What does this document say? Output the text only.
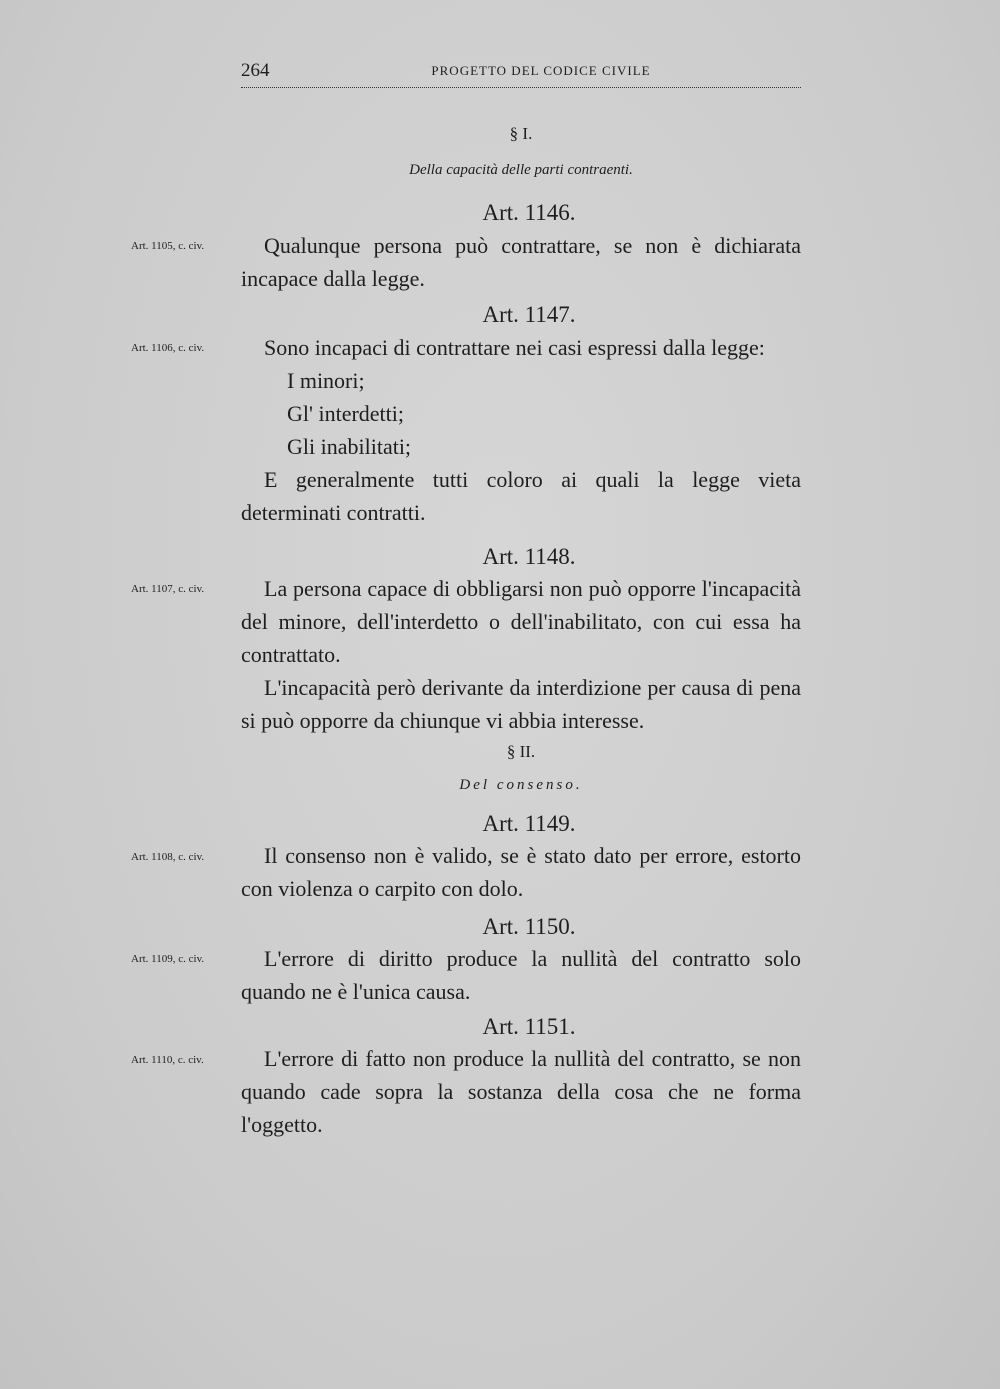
264	PROGETTO DEL CODICE CIVILE
§ I.
Della capacità delle parti contraenti.
Art. 1146.
Art. 1105, c. civ.	Qualunque persona può contrattare, se non è dichiarata incapace dalla legge.

Art. 1147.
Art. 1106, c. civ.	Sono incapaci di contrattare nei casi espressi dalla legge:

I minori;

Gl' interdetti;

Gli inabilitati;

E generalmente tutti coloro ai quali la legge vieta determinati contratti.

Art. 1148.
Art. 1107, c. civ.	La persona capace di obbligarsi non può opporre l'incapacità del minore, dell'interdetto o dell'inabilitato, con cui essa ha contrattato.

L'incapacità però derivante da interdizione per causa di pena si può opporre da chiunque vi abbia interesse.

§ II.
Del consenso.
Art. 1149.
Art. 1108, c. civ.	Il consenso non è valido, se è stato dato per errore, estorto con violenza o carpito con dolo.

Art. 1150.
Art. 1109, c. civ.	L'errore di diritto produce la nullità del contratto solo quando ne è l'unica causa.

Art. 1151.
Art. 1110, c. civ.	L'errore di fatto non produce la nullità del contratto, se non quando cade sopra la sostanza della cosa che ne forma l'oggetto.
